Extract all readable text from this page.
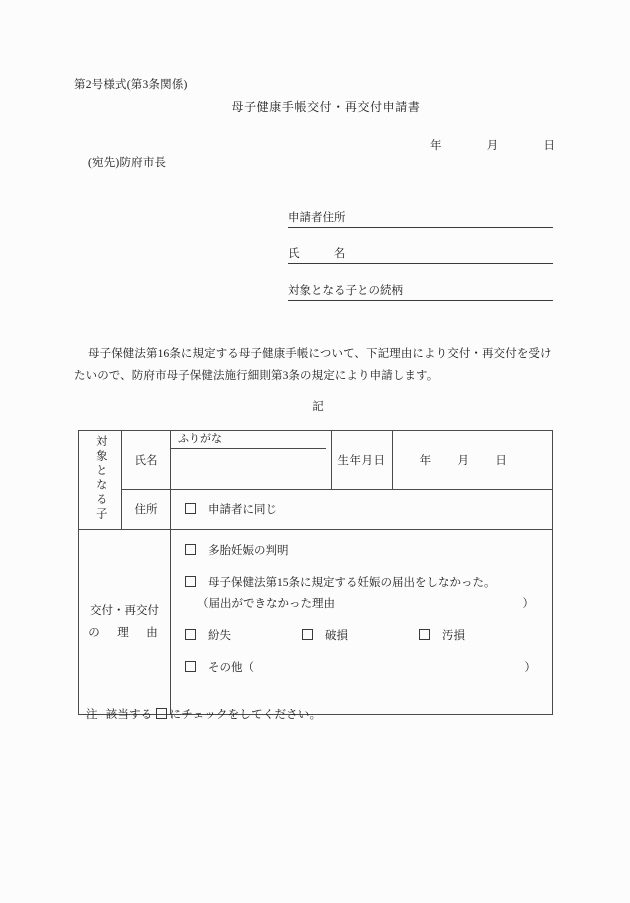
第2号様式(第3条関係)
母子健康手帳交付・再交付申請書
年	月	日
(宛先)防府市長
申請者住所
氏	名
対象となる子との続柄
母子保健法第16条に規定する母子健康手帳について、下記理由により交付・再交付を受けたいので、防府市母子保健法施行細則第3条の規定により申請します。
記
対象となる子	氏名	ふりがな	生年月日	年 月 日

	住所	申請者に同じ		

交付・再交付
の　理　由

多胎妊娠の判明
母子保健法第15条に規定する妊娠の届出をしなかった。
（届出ができなかった理由	）
紛失	破損	汚損
その他（	）
注 該当する にチェックをしてください。
